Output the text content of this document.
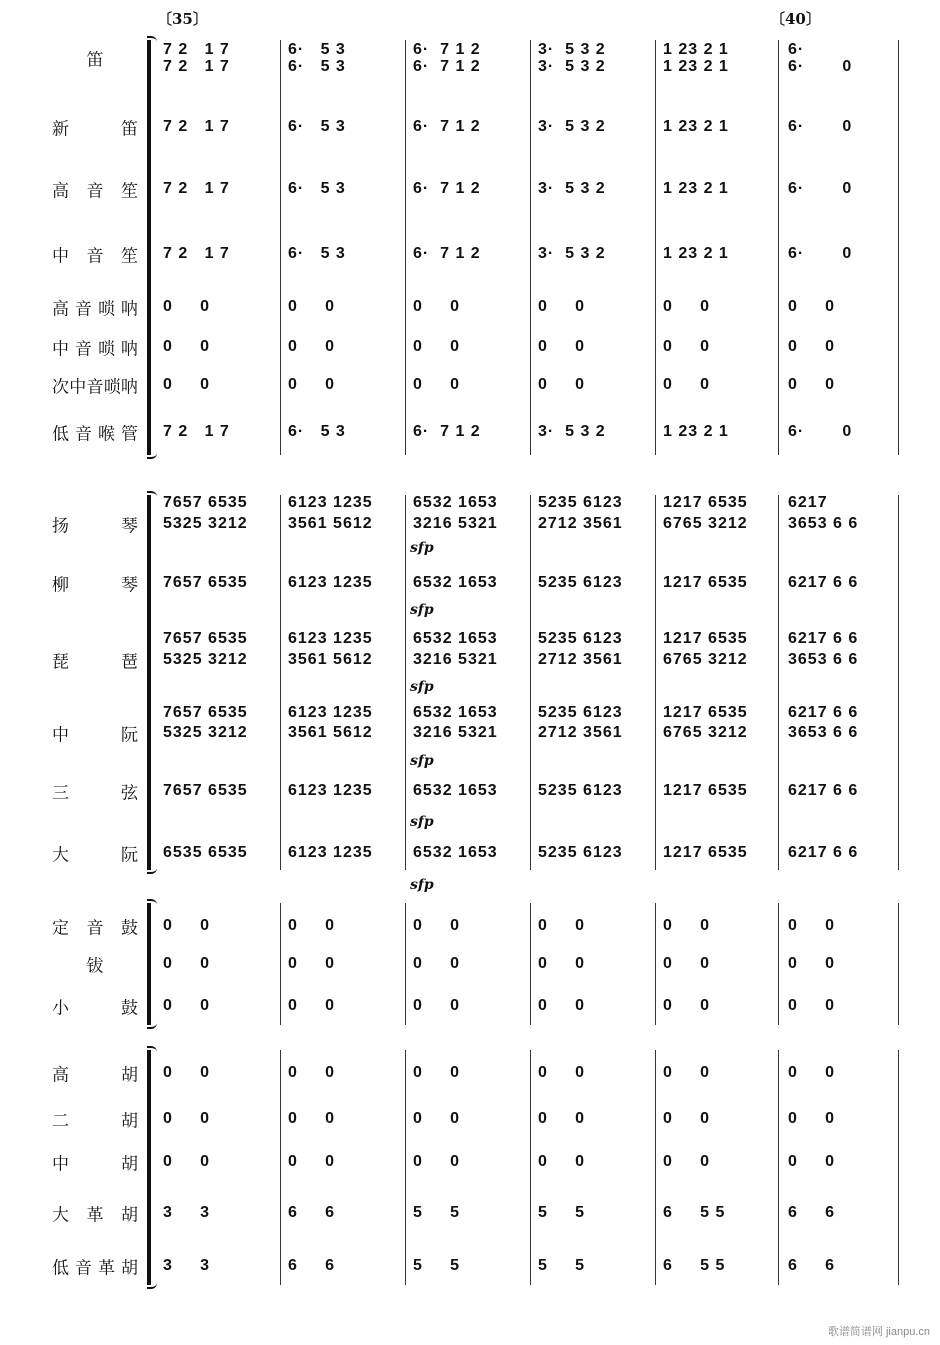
〔35〕	〔40〕
歌谱简谱网 jianpu.cn
笛
7 2   1 7	6·   5 3	6·  7 1 2	3·  5 3 2	1 23 2 1	6·
7 2   1 7	6·   5 3	6·  7 1 2	3·  5 3 2	1 23 2 1	6·       0
新笛 7 2   1 7	6·   5 3	6·  7 1 2	3·  5 3 2	1 23 2 1	6·       0
高音笙 7 2   1 7	6·   5 3	6·  7 1 2	3·  5 3 2	1 23 2 1	6·       0
中音笙 7 2   1 7	6·   5 3	6·  7 1 2	3·  5 3 2	1 23 2 1	6·       0
高音唢呐 0     0	0     0	0     0	0     0	0     0	0     0
中音唢呐 0     0	0     0	0     0	0     0	0     0	0     0
次中音唢呐 0     0	0     0	0     0	0     0	0     0	0     0
低音喉管 7 2   1 7	6·   5 3	6·  7 1 2	3·  5 3 2	1 23 2 1	6·       0
扬琴
7657 6535	6123 1235	6532 1653	5235 6123	1217 6535	6217
5325 3212	3561 5612	3216 5321	2712 3561	6765 3212	3653 6 6
柳琴 7657 6535	6123 1235	6532 1653	5235 6123	1217 6535	6217 6 6
琵琶
7657 6535	6123 1235	6532 1653	5235 6123	1217 6535	6217 6 6
5325 3212	3561 5612	3216 5321	2712 3561	6765 3212	3653 6 6
中阮
7657 6535	6123 1235	6532 1653	5235 6123	1217 6535	6217 6 6
5325 3212	3561 5612	3216 5321	2712 3561	6765 3212	3653 6 6
三弦 7657 6535	6123 1235	6532 1653	5235 6123	1217 6535	6217 6 6
大阮 6535 6535	6123 1235	6532 1653	5235 6123	1217 6535	6217 6 6
定音鼓 0     0	0     0	0     0	0     0	0     0	0     0
钹	0     0	0     0	0     0	0     0	0     0	0     0
小鼓 0     0	0     0	0     0	0     0	0     0	0     0
高胡 0     0	0     0	0     0	0     0	0     0	0     0
二胡 0     0	0     0	0     0	0     0	0     0	0     0
中胡 0     0	0     0	0     0	0     0	0     0	0     0
大革胡 3     3	6     6	5     5	5     5	6     5 5	6     6
低音革胡 3     3	6     6	5     5	5     5	6     5 5	6     6
sfp
sfp
sfp
sfp
sfp
sfp
